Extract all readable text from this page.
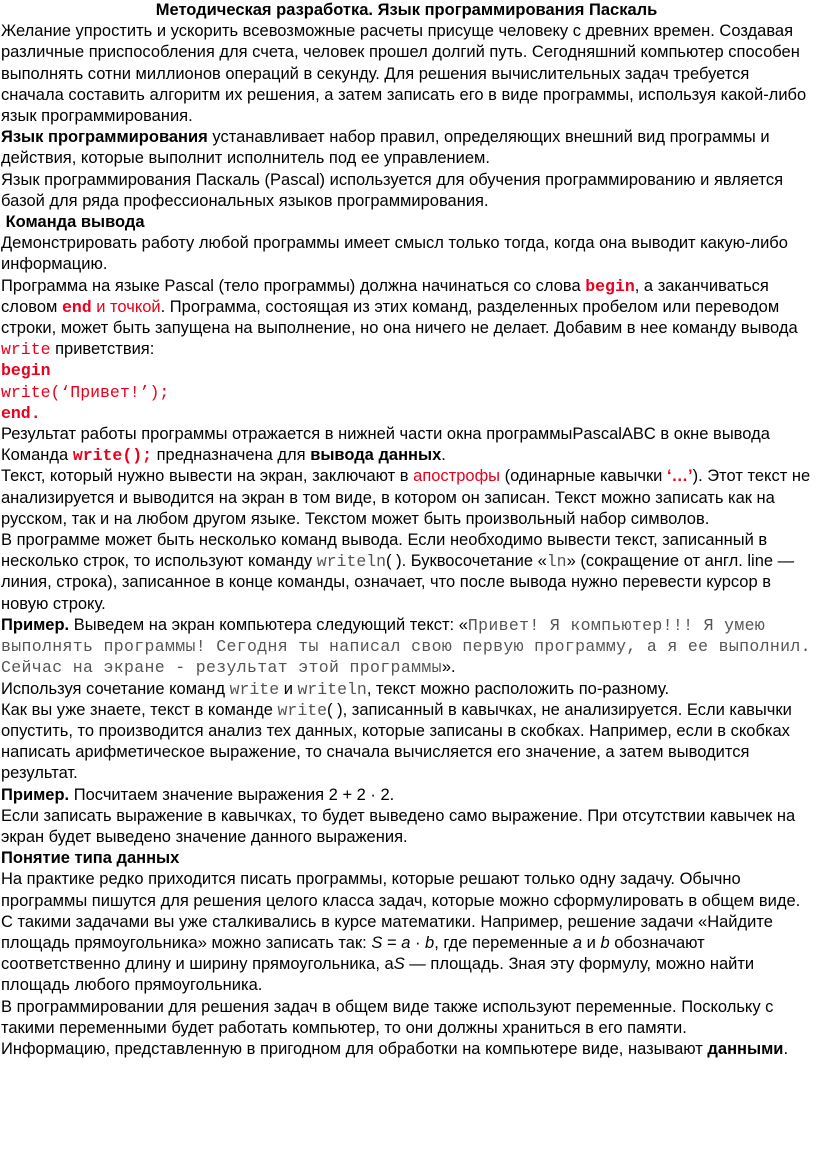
Методическая разработка. Язык программирования Паскаль

Желание упростить и ускорить всевозможные расчеты присуще человеку с древних времен. Создавая различные приспособления для счета, человек прошел долгий путь. Сегодняшний компьютер способен выполнять сотни миллионов операций в секунду. Для решения вычислительных задач требуется сначала составить алгоритм их решения, а затем записать его в виде программы, используя какой-либо язык программирования.

Язык программирования устанавливает набор правил, определяющих внешний вид программы и действия, которые выполнит исполнитель под ее управлением.

Язык программирования Паскаль (Pascal) используется для обучения программированию и является базой для ряда профессиональных языков программирования.

Команда вывода

Демонстрировать работу любой программы имеет смысл только тогда, когда она выводит какую-либо информацию.

Программа на языке Pascal (тело программы) должна начинаться со слова begin, а заканчиваться словом end и точкой. Программа, состоящая из этих команд, разделенных пробелом или переводом строки, может быть запущена на выполнение, но она ничего не делает. Добавим в нее команду вывода write приветствия:

begin

write(‘Привет!’);

end.

Результат работы программы отражается в нижней части окна программыPascalABC в окне вывода

Команда write(); предназначена для вывода данных.

Текст, который нужно вывести на экран, заключают в апострофы (одинарные кавычки ‘…’). Этот текст не анализируется и выводится на экран в том виде, в котором он записан. Текст можно записать как на русском, так и на любом другом языке. Текстом может быть произвольный набор символов.

В программе может быть несколько команд вывода. Если необходимо вывести текст, записанный в несколько строк, то используют команду writeln( ). Буквосочетание «ln» (сокращение от англ. line — линия, строка), записанное в конце команды, означает, что после вывода нужно перевести курсор в новую строку.

Пример. Выведем на экран компьютера следующий текст: «Привет! Я компьютер!!! Я умею выполнять программы! Сегодня ты написал свою первую программу, а я ее выполнил. Сейчас на экране - результат этой программы».

Используя сочетание команд write и writeln, текст можно расположить по-разному.

Как вы уже знаете, текст в команде write( ), записанный в кавычках, не анализируется. Если кавычки опустить, то производится анализ тех данных, которые записаны в скобках. Например, если в скобках написать арифметическое выражение, то сначала вычисляется его значение, а затем выводится результат.

Пример. Посчитаем значение выражения 2 + 2 · 2.

Если записать выражение в кавычках, то будет выведено само выражение. При отсутствии кавычек на экран будет выведено значение данного выражения.

Понятие типа данных

На практике редко приходится писать программы, которые решают только одну задачу. Обычно программы пишутся для решения целого класса задач, которые можно сформулировать в общем виде.

С такими задачами вы уже сталкивались в курсе математики. Например, решение задачи «Найдите площадь прямоугольника» можно записать так: S = a · b, где переменные a и b обозначают соответственно длину и ширину прямоугольника, аS — площадь. Зная эту формулу, можно найти площадь любого прямоугольника.

В программировании для решения задач в общем виде также используют переменные. Поскольку с такими переменными будет работать компьютер, то они должны храниться в его памяти.

Информацию, представленную в пригодном для обработки на компьютере виде, называют данными.
